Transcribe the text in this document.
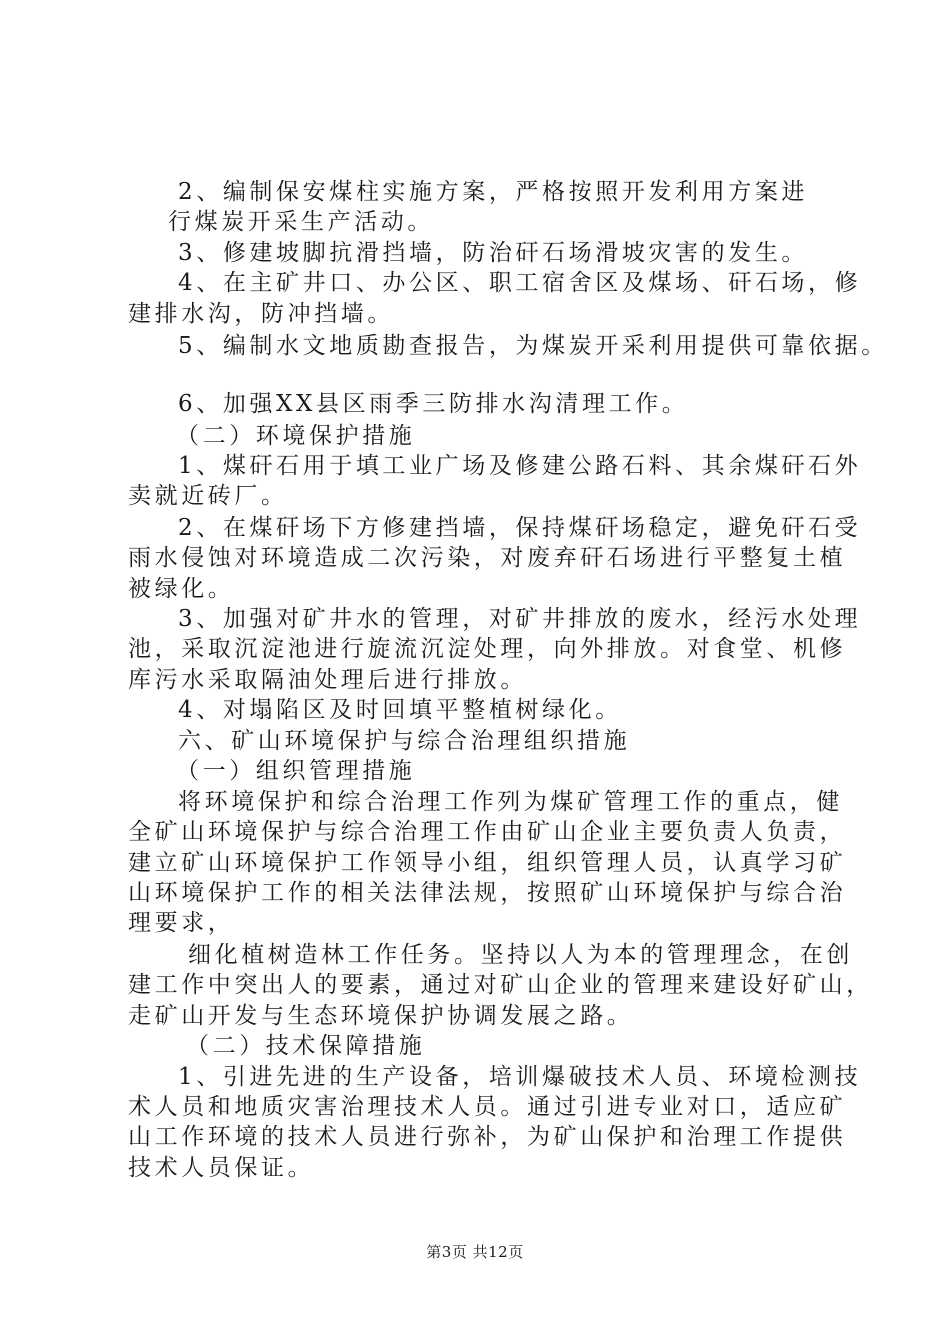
2、编制保安煤柱实施方案，严格按照开发利用方案进
行煤炭开采生产活动。
3、修建坡脚抗滑挡墙，防治矸石场滑坡灾害的发生。
4、在主矿井口、办公区、职工宿舍区及煤场、矸石场，修
建排水沟，防冲挡墙。
5、编制水文地质勘查报告，为煤炭开采利用提供可靠依据。
6、加强XX县区雨季三防排水沟清理工作。
（二）环境保护措施
1、煤矸石用于填工业广场及修建公路石料、其余煤矸石外
卖就近砖厂。
2、在煤矸场下方修建挡墙，保持煤矸场稳定，避免矸石受
雨水侵蚀对环境造成二次污染，对废弃矸石场进行平整复土植
被绿化。
3、加强对矿井水的管理，对矿井排放的废水，经污水处理
池，采取沉淀池进行旋流沉淀处理，向外排放。对食堂、机修
库污水采取隔油处理后进行排放。
4、对塌陷区及时回填平整植树绿化。
六、矿山环境保护与综合治理组织措施
（一）组织管理措施
将环境保护和综合治理工作列为煤矿管理工作的重点，健
全矿山环境保护与综合治理工作由矿山企业主要负责人负责，
建立矿山环境保护工作领导小组，组织管理人员，认真学习矿
山环境保护工作的相关法律法规，按照矿山环境保护与综合治
理要求，
细化植树造林工作任务。坚持以人为本的管理理念，在创
建工作中突出人的要素，通过对矿山企业的管理来建设好矿山，
走矿山开发与生态环境保护协调发展之路。
（二）技术保障措施
1、引进先进的生产设备，培训爆破技术人员、环境检测技
术人员和地质灾害治理技术人员。通过引进专业对口，适应矿
山工作环境的技术人员进行弥补，为矿山保护和治理工作提供
技术人员保证。
第3页 共12页
